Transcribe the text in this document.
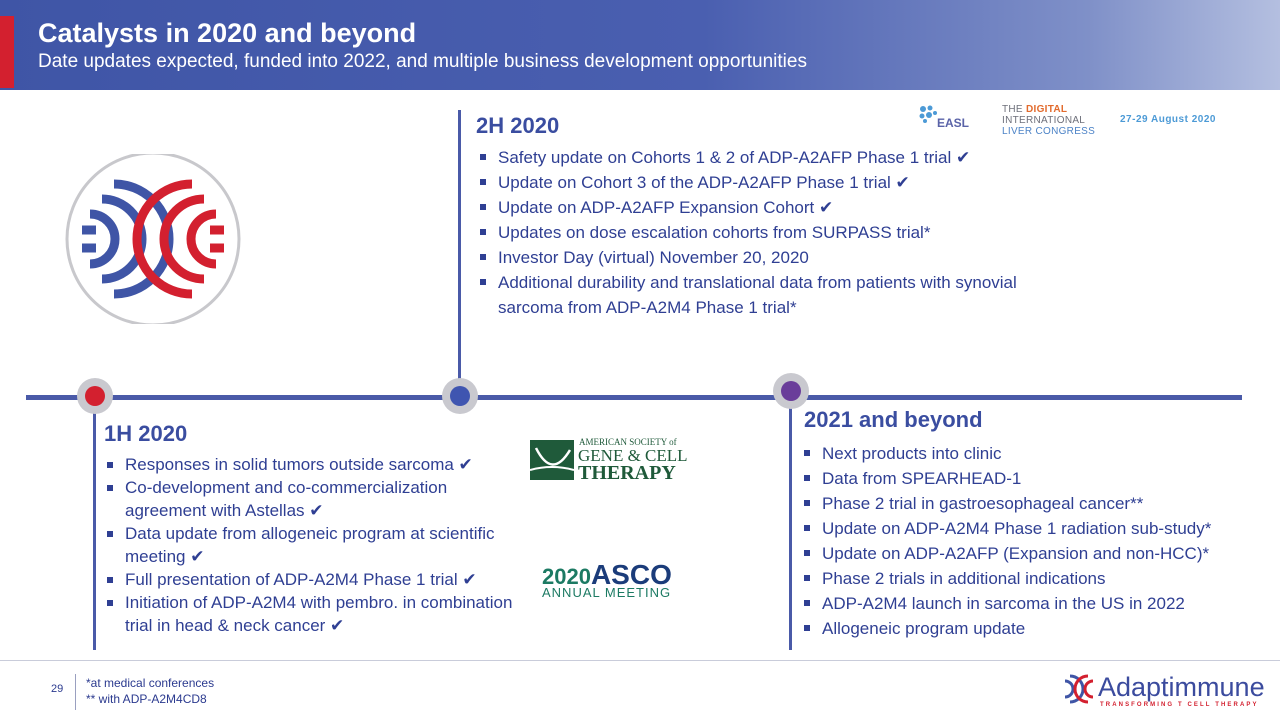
Catalysts in 2020 and beyond
Date updates expected, funded into 2022, and multiple business development opportunities
2H 2020
Safety update on Cohorts 1 & 2 of ADP-A2AFP Phase 1 trial ✔
Update on Cohort 3 of the ADP-A2AFP Phase 1 trial ✔
Update on ADP-A2AFP Expansion Cohort ✔
Updates on dose escalation cohorts from SURPASS trial*
Investor Day (virtual) November 20, 2020
Additional durability and translational data from patients with synovial sarcoma from ADP-A2M4 Phase 1 trial*
1H 2020
Responses in solid tumors outside sarcoma ✔
Co-development and co-commercialization agreement with Astellas ✔
Data update from allogeneic program at scientific meeting ✔
Full presentation of ADP-A2M4 Phase 1 trial ✔
Initiation of ADP-A2M4 with pembro. in combination trial in head & neck cancer ✔
2021 and beyond
Next products into clinic
Data from SPEARHEAD-1
Phase 2 trial in gastroesophageal cancer**
Update on ADP-A2M4 Phase 1 radiation sub-study*
Update on ADP-A2AFP (Expansion and non-HCC)*
Phase 2 trials in additional indications
ADP-A2M4 launch in sarcoma in the US in 2022
Allogeneic program update
EASL
THE DIGITAL
INTERNATIONAL
LIVER CONGRESS
27-29 August 2020
AMERICAN SOCIETY of
GENE & CELL
THERAPY
2020ASCO
ANNUAL MEETING
29 *at medical conferences
** with ADP-A2M4CD8	Adaptimmune
TRANSFORMING T CELL THERAPY
